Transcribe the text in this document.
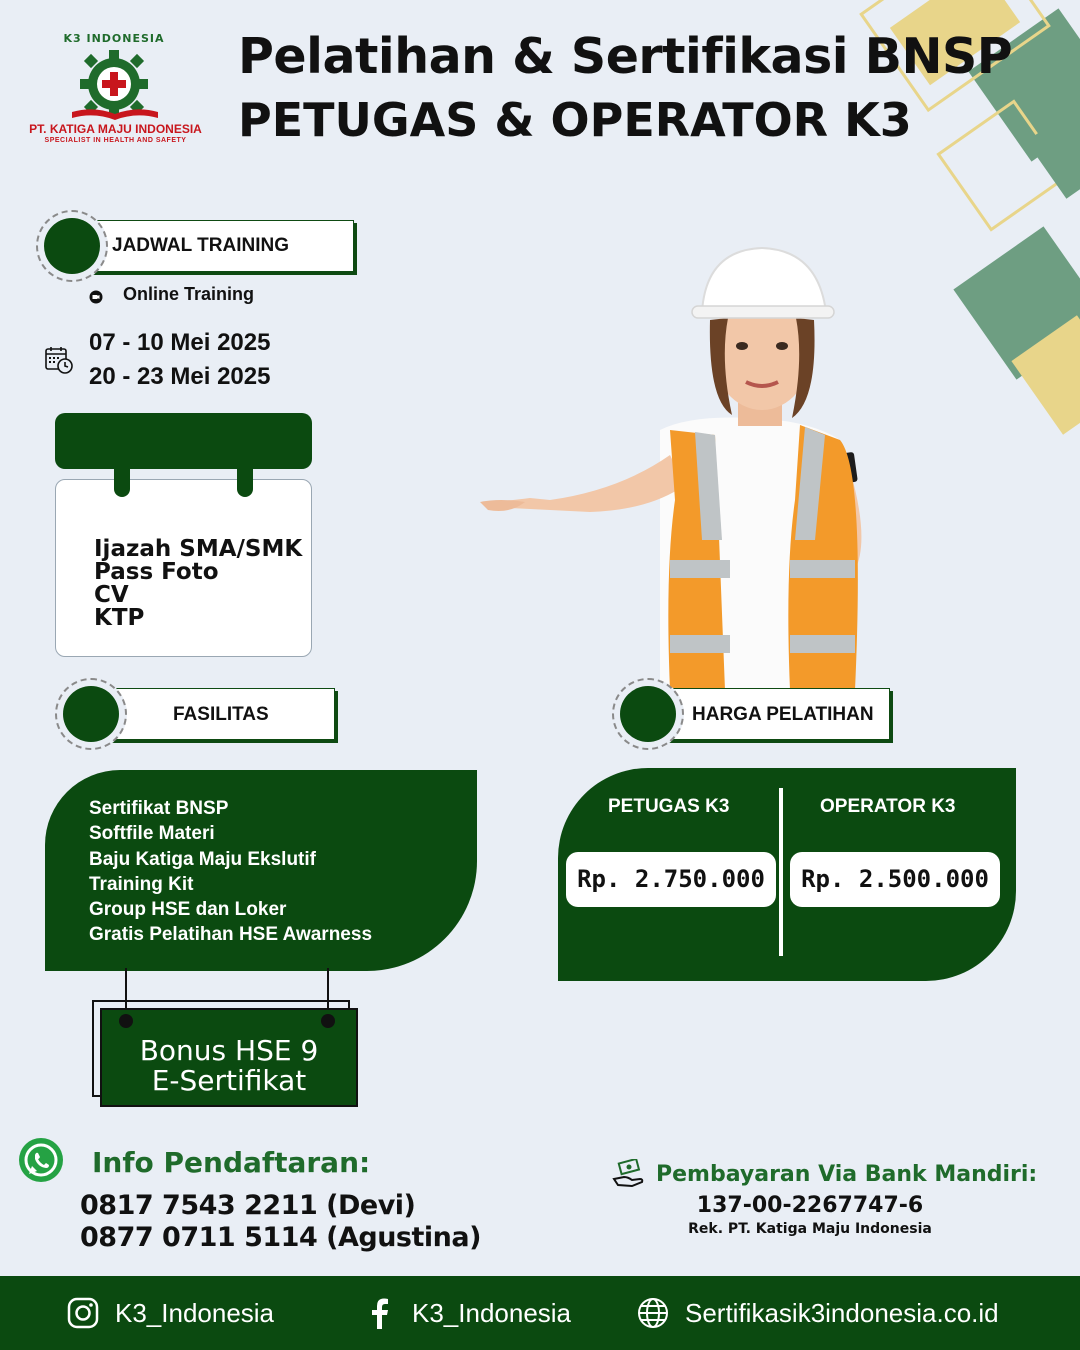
K3 INDONESIA
PT. KATIGA MAJU INDONESIA
SPECIALIST IN HEALTH AND SAFETY
Pelatihan & Sertifikasi BNSP
PETUGAS & OPERATOR K3
JADWAL TRAINING
Online Training
07 - 10 Mei 2025
20 - 23 Mei 2025
Ijazah SMA/SMK
Pass Foto
CV
KTP
FASILITAS	HARGA PELATIHAN
Sertifikat BNSP
Softfile Materi
Baju Katiga Maju Ekslutif
Training Kit
Group HSE dan Loker
Gratis Pelatihan HSE Awarness
Bonus HSE 9
E-Sertifikat
PETUGAS K3	OPERATOR K3
Rp. 2.750.000	Rp. 2.500.000
Info Pendaftaran:
0817 7543 2211 (Devi)
0877 0711 5114 (Agustina)
Pembayaran Via Bank Mandiri:
137-00-2267747-6
Rek. PT. Katiga Maju Indonesia
K3_Indonesia	K3_Indonesia	Sertifikasik3indonesia.co.id
